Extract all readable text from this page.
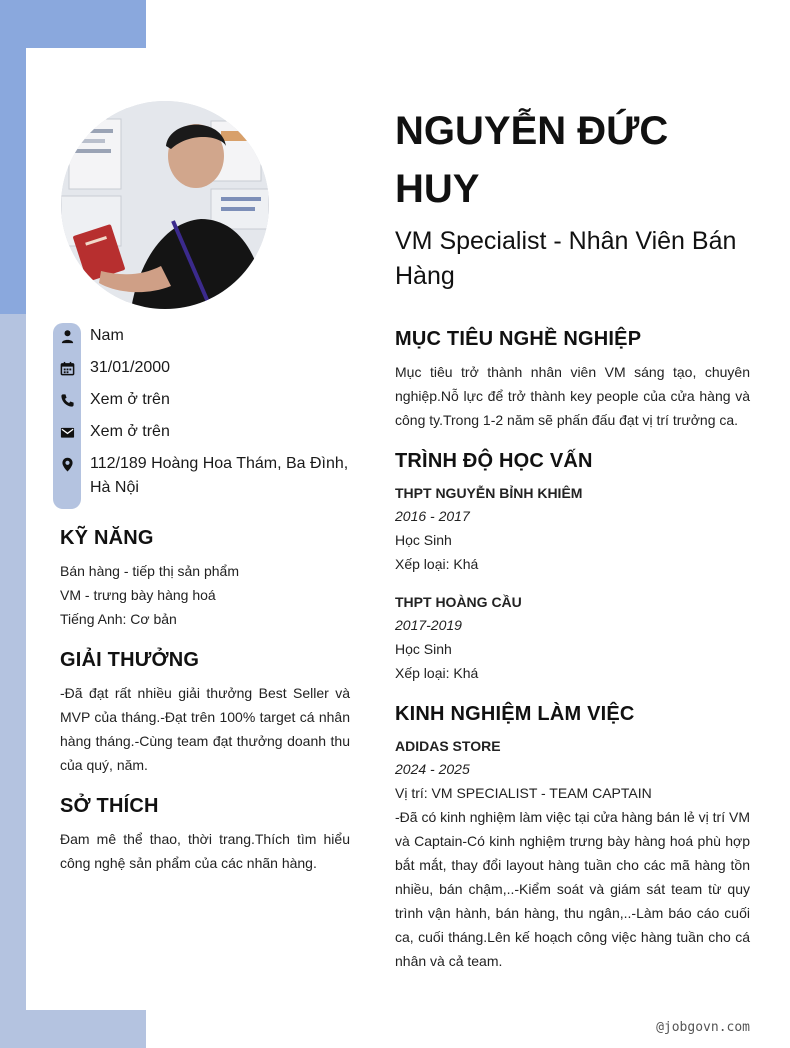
Nam
31/01/2000
Xem ở trên
Xem ở trên
112/189 Hoàng Hoa Thám, Ba Đình, Hà Nội
KỸ NĂNG
Bán hàng - tiếp thị sản phẩm
VM - trưng bày hàng hoá
Tiếng Anh: Cơ bản
GIẢI THƯỞNG
-Đã đạt rất nhiều giải thưởng Best Seller và MVP của tháng.-Đạt trên 100% target cá nhân hàng tháng.-Cùng team đạt thưởng doanh thu của quý, năm.
SỞ THÍCH
Đam mê thể thao, thời trang.Thích tìm hiểu công nghệ sản phẩm của các nhãn hàng.
NGUYỄN ĐỨC HUY
VM Specialist - Nhân Viên Bán Hàng
MỤC TIÊU NGHỀ NGHIỆP
Mục tiêu trở thành nhân viên VM sáng tạo, chuyên nghiệp.Nỗ lực để trở thành key people của cửa hàng và công ty.Trong 1-2 năm sẽ phấn đấu đạt vị trí trưởng ca.
TRÌNH ĐỘ HỌC VẤN
THPT NGUYỄN BỈNH KHIÊM
2016 - 2017
Học Sinh
Xếp loại: Khá
THPT HOÀNG CẦU
2017-2019
Học Sinh
Xếp loại: Khá
KINH NGHIỆM LÀM VIỆC
ADIDAS STORE
2024 - 2025
Vị trí: VM SPECIALIST - TEAM CAPTAIN
-Đã có kinh nghiệm làm việc tại cửa hàng bán lẻ vị trí VM và Captain-Có kinh nghiệm trưng bày hàng hoá phù hợp bắt mắt, thay đổi layout hàng tuần cho các mã hàng tồn nhiều, bán chậm,..-Kiểm soát và giám sát team từ quy trình vận hành, bán hàng, thu ngân,..-Làm báo cáo cuối ca, cuối tháng.Lên kế hoạch công việc hàng tuần cho cá nhân và cả team.
@jobgovn.com
